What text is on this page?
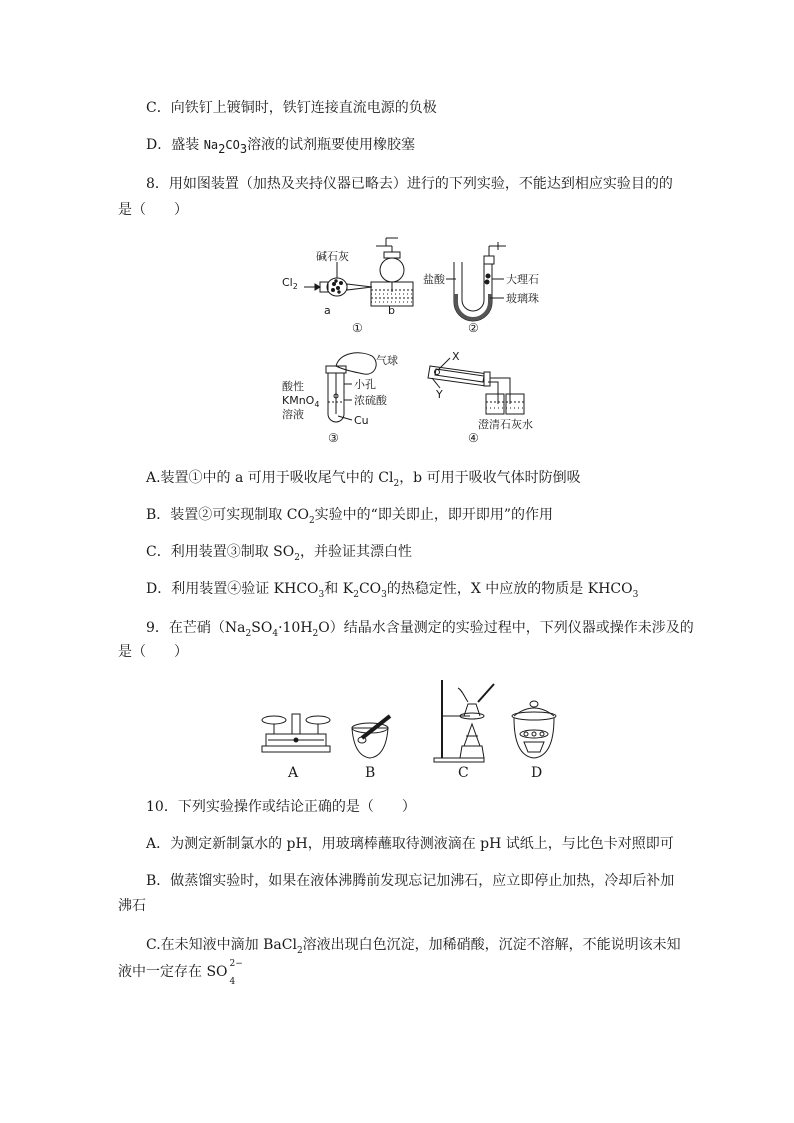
C．向铁钉上镀铜时，铁钉连接直流电源的负极
D．盛装 $Na_2CO_3$溶液的试剂瓶要使用橡胶塞
8．用如图装置（加热及夹持仪器已略去）进行的下列实验，不能达到相应实验目的的
是（　　）
$Cl_2$
碱石灰
a	b
①
盐酸	大理石
玻璃珠
②
气球
酸性
KMnO$_4$
溶液
小孔
浓硫酸
Cu
③
X
Y
澄清石灰水
④
A.装置①中的 a 可用于吸收尾气中的 $Cl_2$，b 可用于吸收气体时防倒吸
B．装置②可实现制取 $CO_2$实验中的“即关即止，即开即用”的作用
C．利用装置③制取 $SO_2$，并验证其漂白性
D．利用装置④验证 $KHCO_3$和 $K_2CO_3$的热稳定性，X 中应放的物质是 $KHCO_3$
9．在芒硝$(Na_2SO_4\cdot 10H_2O)$结晶水含量测定的实验过程中，下列仪器或操作未涉及的
是（　　）
A	B	C	D
10．下列实验操作或结论正确的是（　　）
A．为测定新制氯水的 pH，用玻璃棒蘸取待测液滴在 pH 试纸上，与比色卡对照即可
B．做蒸馏实验时，如果在液体沸腾前发现忘记加沸石，应立即停止加热，冷却后补加
沸石
C.在未知液中滴加 BaCl$_2$溶液出现白色沉淀，加稀硝酸，沉淀不溶解，不能说明该未知
液中一定存在 SO 2−
4
